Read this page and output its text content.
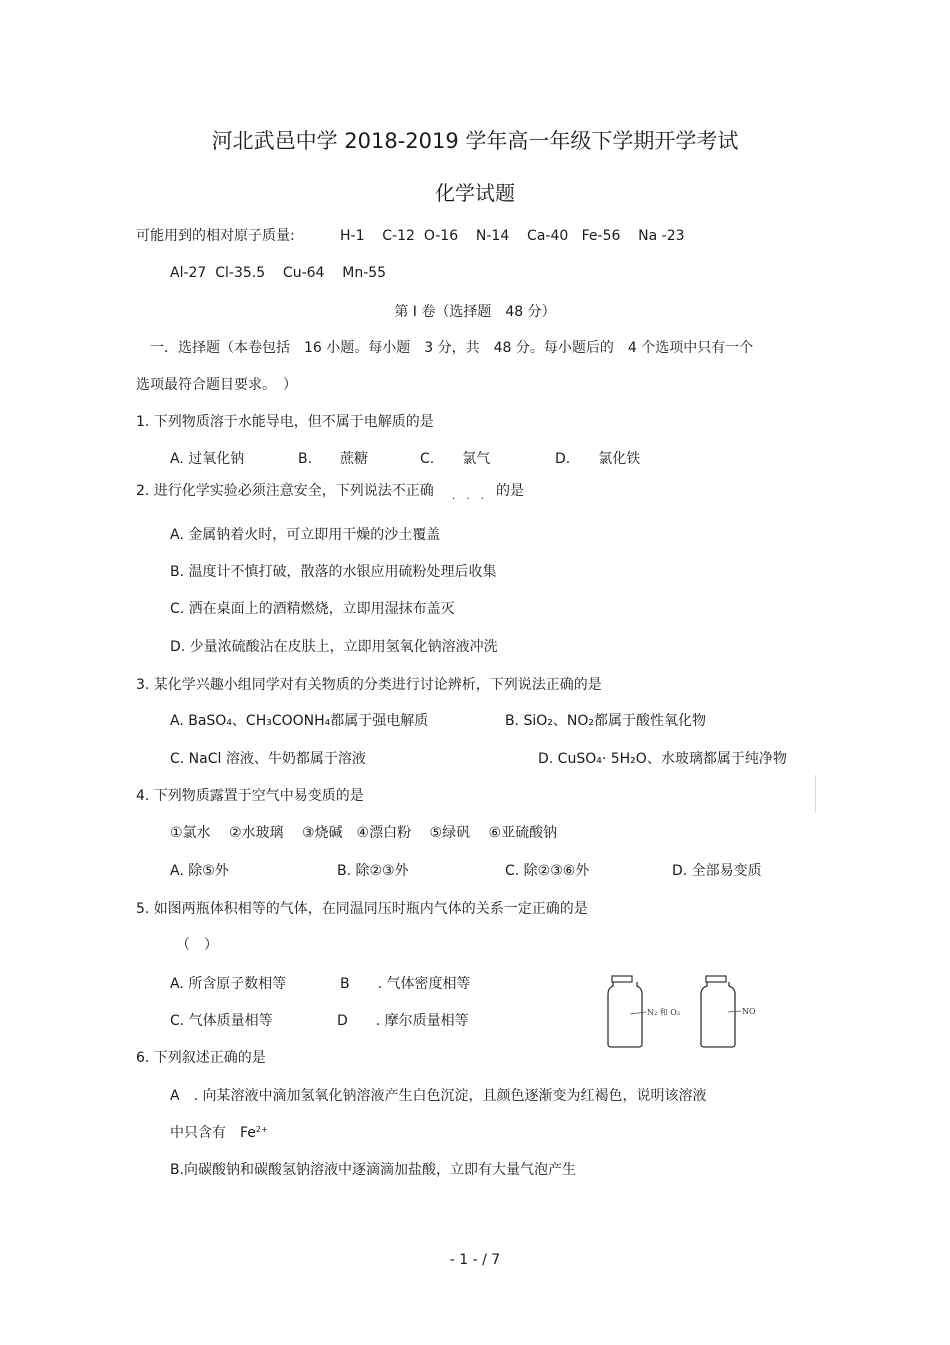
河北武邑中学 2018-2019 学年高一年级下学期开学考试
化学试题
可能用到的相对原子质量:	H-1    C-12  O-16    N-14    Ca-40   Fe-56    Na -23
Al-27  Cl-35.5    Cu-64    Mn-55
第 Ⅰ 卷（选择题　48 分）
一．选择题（本卷包括　16 小题。每小题　3 分，共　48 分。每小题后的　4 个选项中只有一个
选项最符合题目要求。　）
1. 下列物质溶于水能导电，但不属于电解质的是
A. 过氧化钠	B.　　蔗糖	C.　　氯气	D.　　氯化铁
2. 进行化学实验必须注意安全，下列说法不正确	的是
· · ·
A. 金属钠着火时，可立即用干燥的沙土覆盖
B. 温度计不慎打破，散落的水银应用硫粉处理后收集
C. 洒在桌面上的酒精燃烧，立即用湿抹布盖灭
D. 少量浓硫酸沾在皮肤上，立即用氢氧化钠溶液冲洗
3. 某化学兴趣小组同学对有关物质的分类进行讨论辨析，下列说法正确的是
A. BaSO₄、CH₃COONH₄都属于强电解质	B. SiO₂、NO₂都属于酸性氧化物
C. NaCl 溶液、牛奶都属于溶液	D. CuSO₄· 5H₂O、水玻璃都属于纯净物
4. 下列物质露置于空气中易变质的是
①氯水　 ②水玻璃　 ③烧碱　④漂白粉　 ⑤绿矾　 ⑥亚硫酸钠
A. 除⑤外	B. 除②③外	C. 除②③⑥外	D. 全部易变质
5. 如图两瓶体积相等的气体，在同温同压时瓶内气体的关系一定正确的是
（　）
A. 所含原子数相等	B　　. 气体密度相等
C. 气体质量相等	D　　. 摩尔质量相等
N₂ 和 O₂	NO
6. 下列叙述正确的是
A　. 向某溶液中滴加氢氧化钠溶液产生白色沉淀，且颜色逐渐变为红褐色，说明该溶液
中只含有　$Fe^{2+}$
B.向碳酸钠和碳酸氢钠溶液中逐滴滴加盐酸，立即有大量气泡产生
- 1 - / 7
